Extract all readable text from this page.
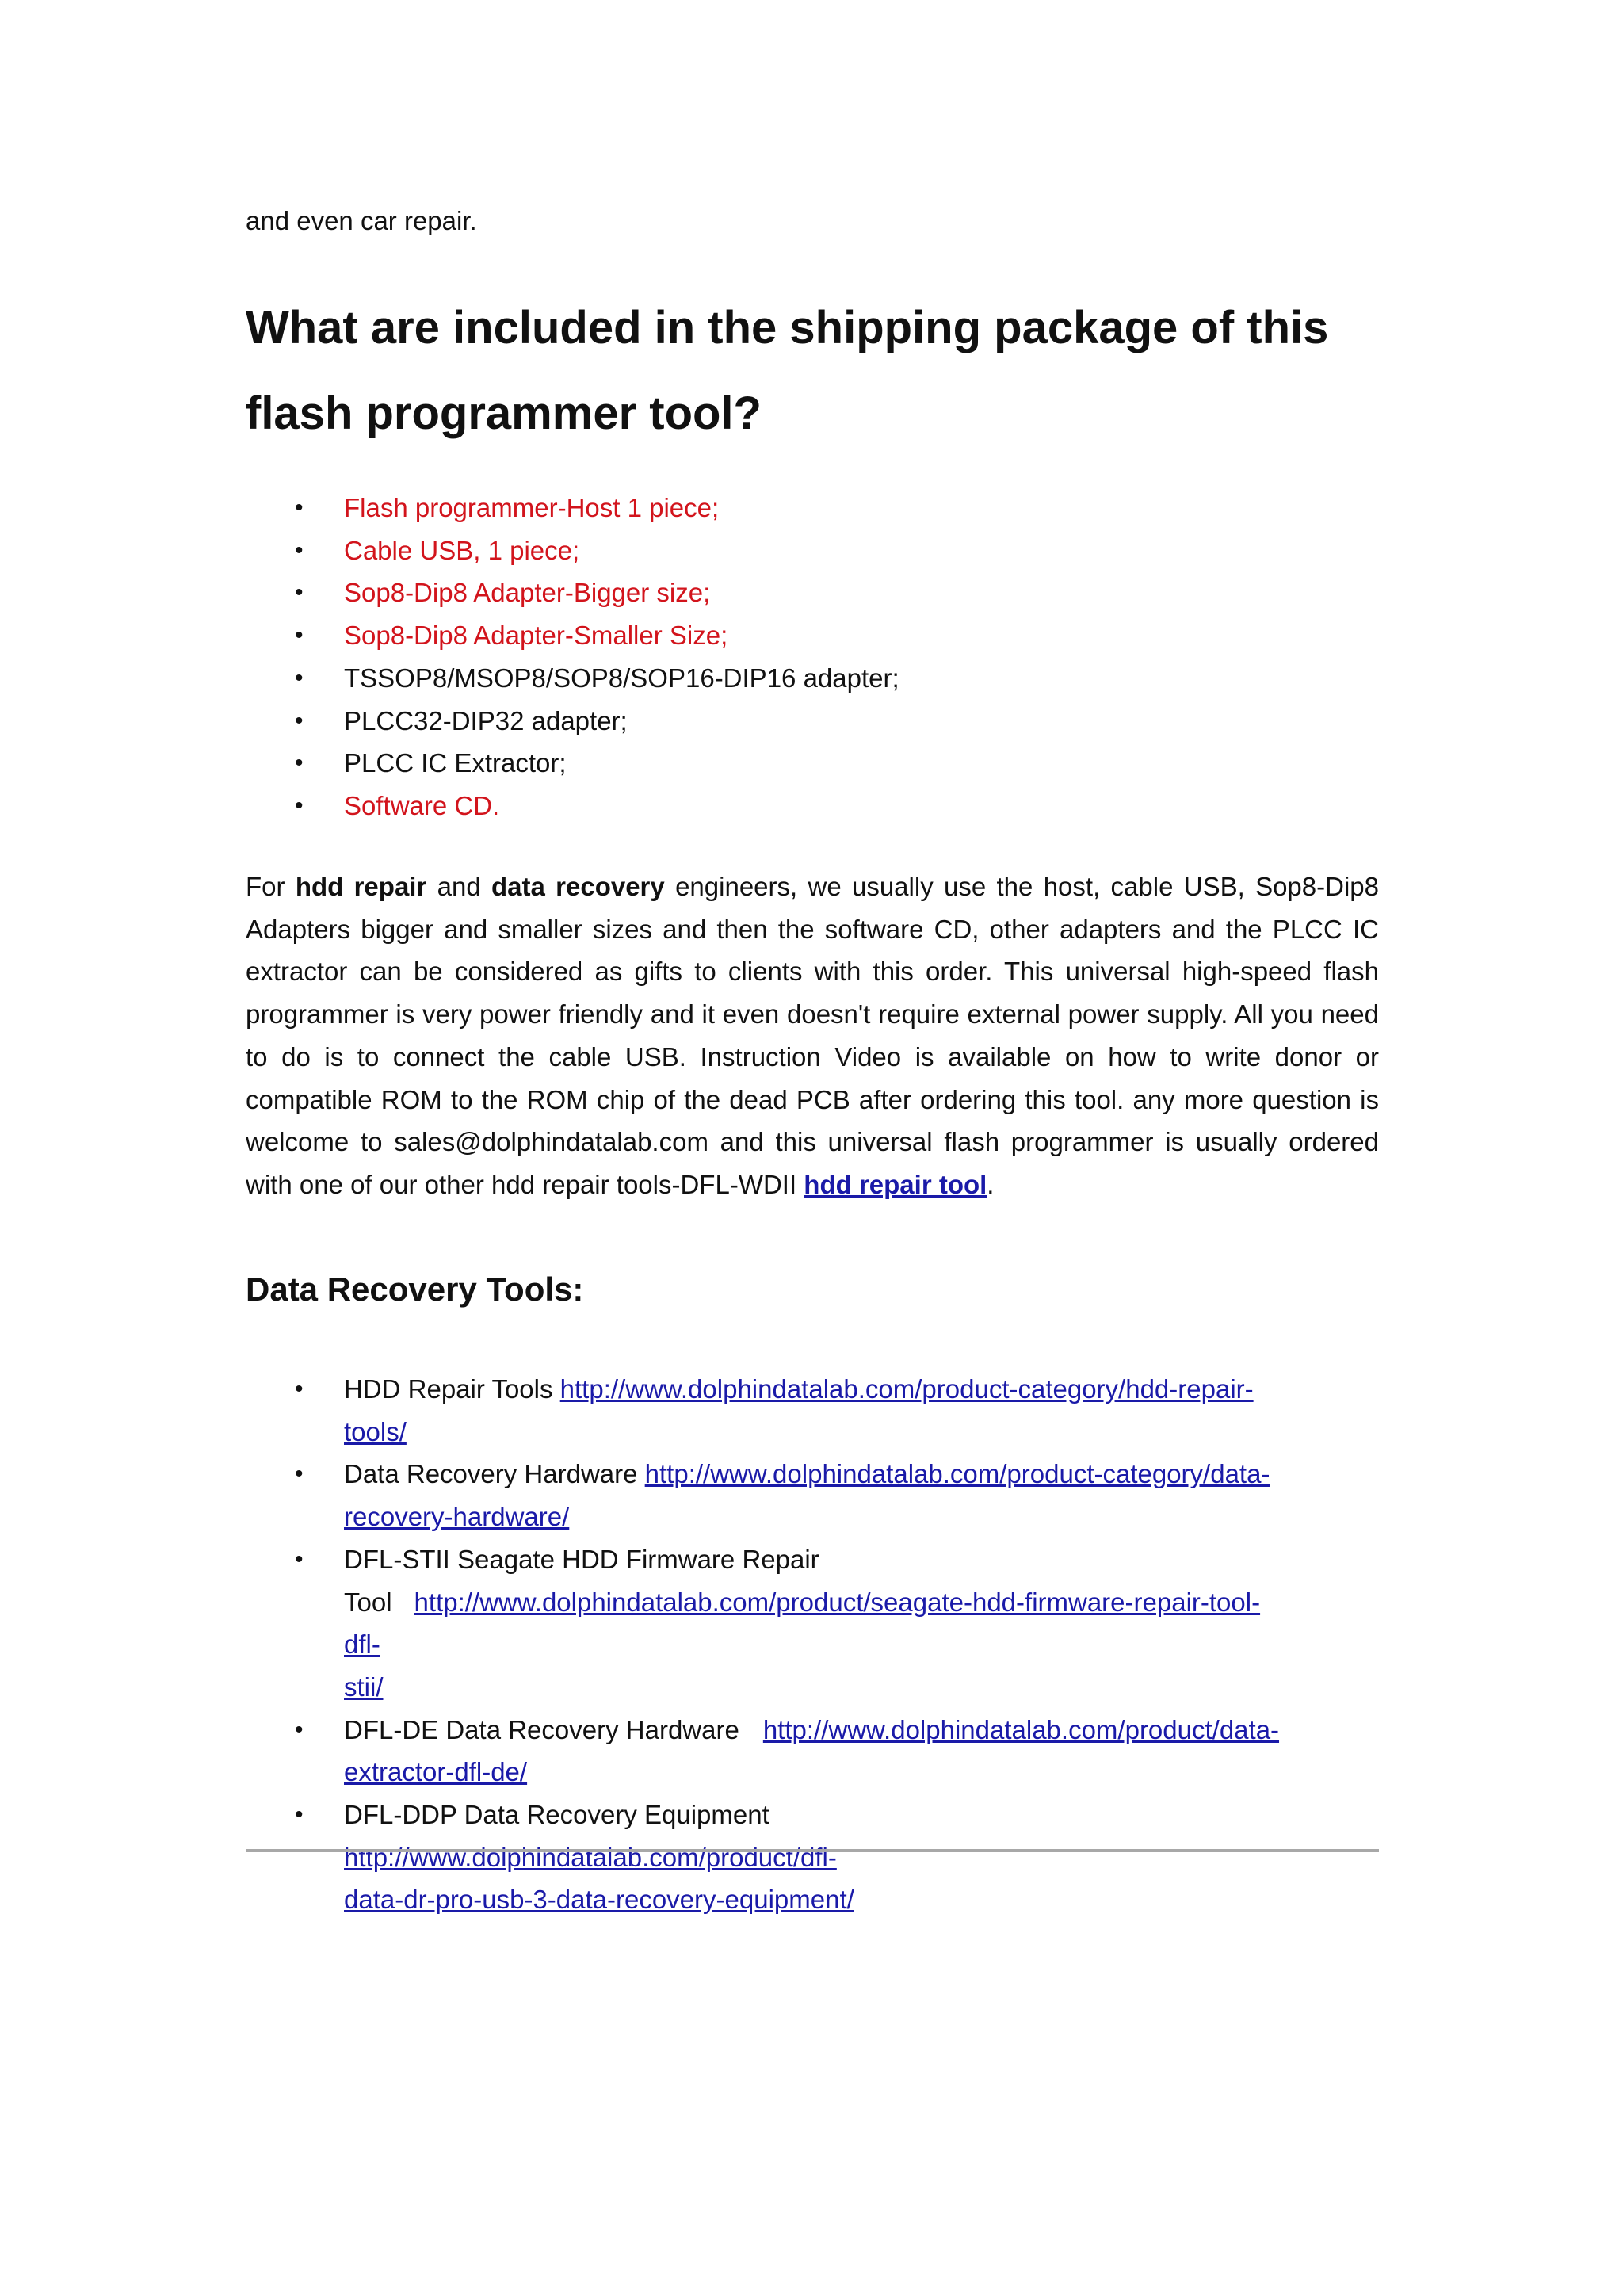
and even car repair.

What are included in the shipping package of this flash programmer tool?
• Flash programmer-Host 1 piece;
• Cable USB, 1 piece;
• Sop8-Dip8 Adapter-Bigger size;
• Sop8-Dip8 Adapter-Smaller Size;
• TSSOP8/MSOP8/SOP8/SOP16-DIP16 adapter;
• PLCC32-DIP32 adapter;
• PLCC IC Extractor;
• Software CD.

For hdd repair and data recovery engineers, we usually use the host, cable USB, Sop8-Dip8 Adapters bigger and smaller sizes and then the software CD, other adapters and the PLCC IC extractor can be considered as gifts to clients with this order. This universal high-speed flash programmer is very power friendly and it even doesn't require external power supply. All you need to do is to connect the cable USB. Instruction Video is available on how to write donor or compatible ROM to the ROM chip of the dead PCB after ordering this tool. any more question is welcome to sales@dolphindatalab.com and this universal flash programmer is usually ordered with one of our other hdd repair tools-DFL-WDII hdd repair tool.

Data Recovery Tools:
• HDD Repair Tools http://www.dolphindatalab.com/product-category/hdd-repair-tools/
• Data Recovery Hardware http://www.dolphindatalab.com/product-category/data-
recovery-hardware/
• DFL-STII Seagate HDD Firmware Repair
Tool http://www.dolphindatalab.com/product/seagate-hdd-firmware-repair-tool-dfl-
stii/
• DFL-DE Data Recovery Hardware http://www.dolphindatalab.com/product/data-
extractor-dfl-de/
• DFL-DDP Data Recovery Equipmenthttp://www.dolphindatalab.com/product/dfl-
data-dr-pro-usb-3-data-recovery-equipment/
